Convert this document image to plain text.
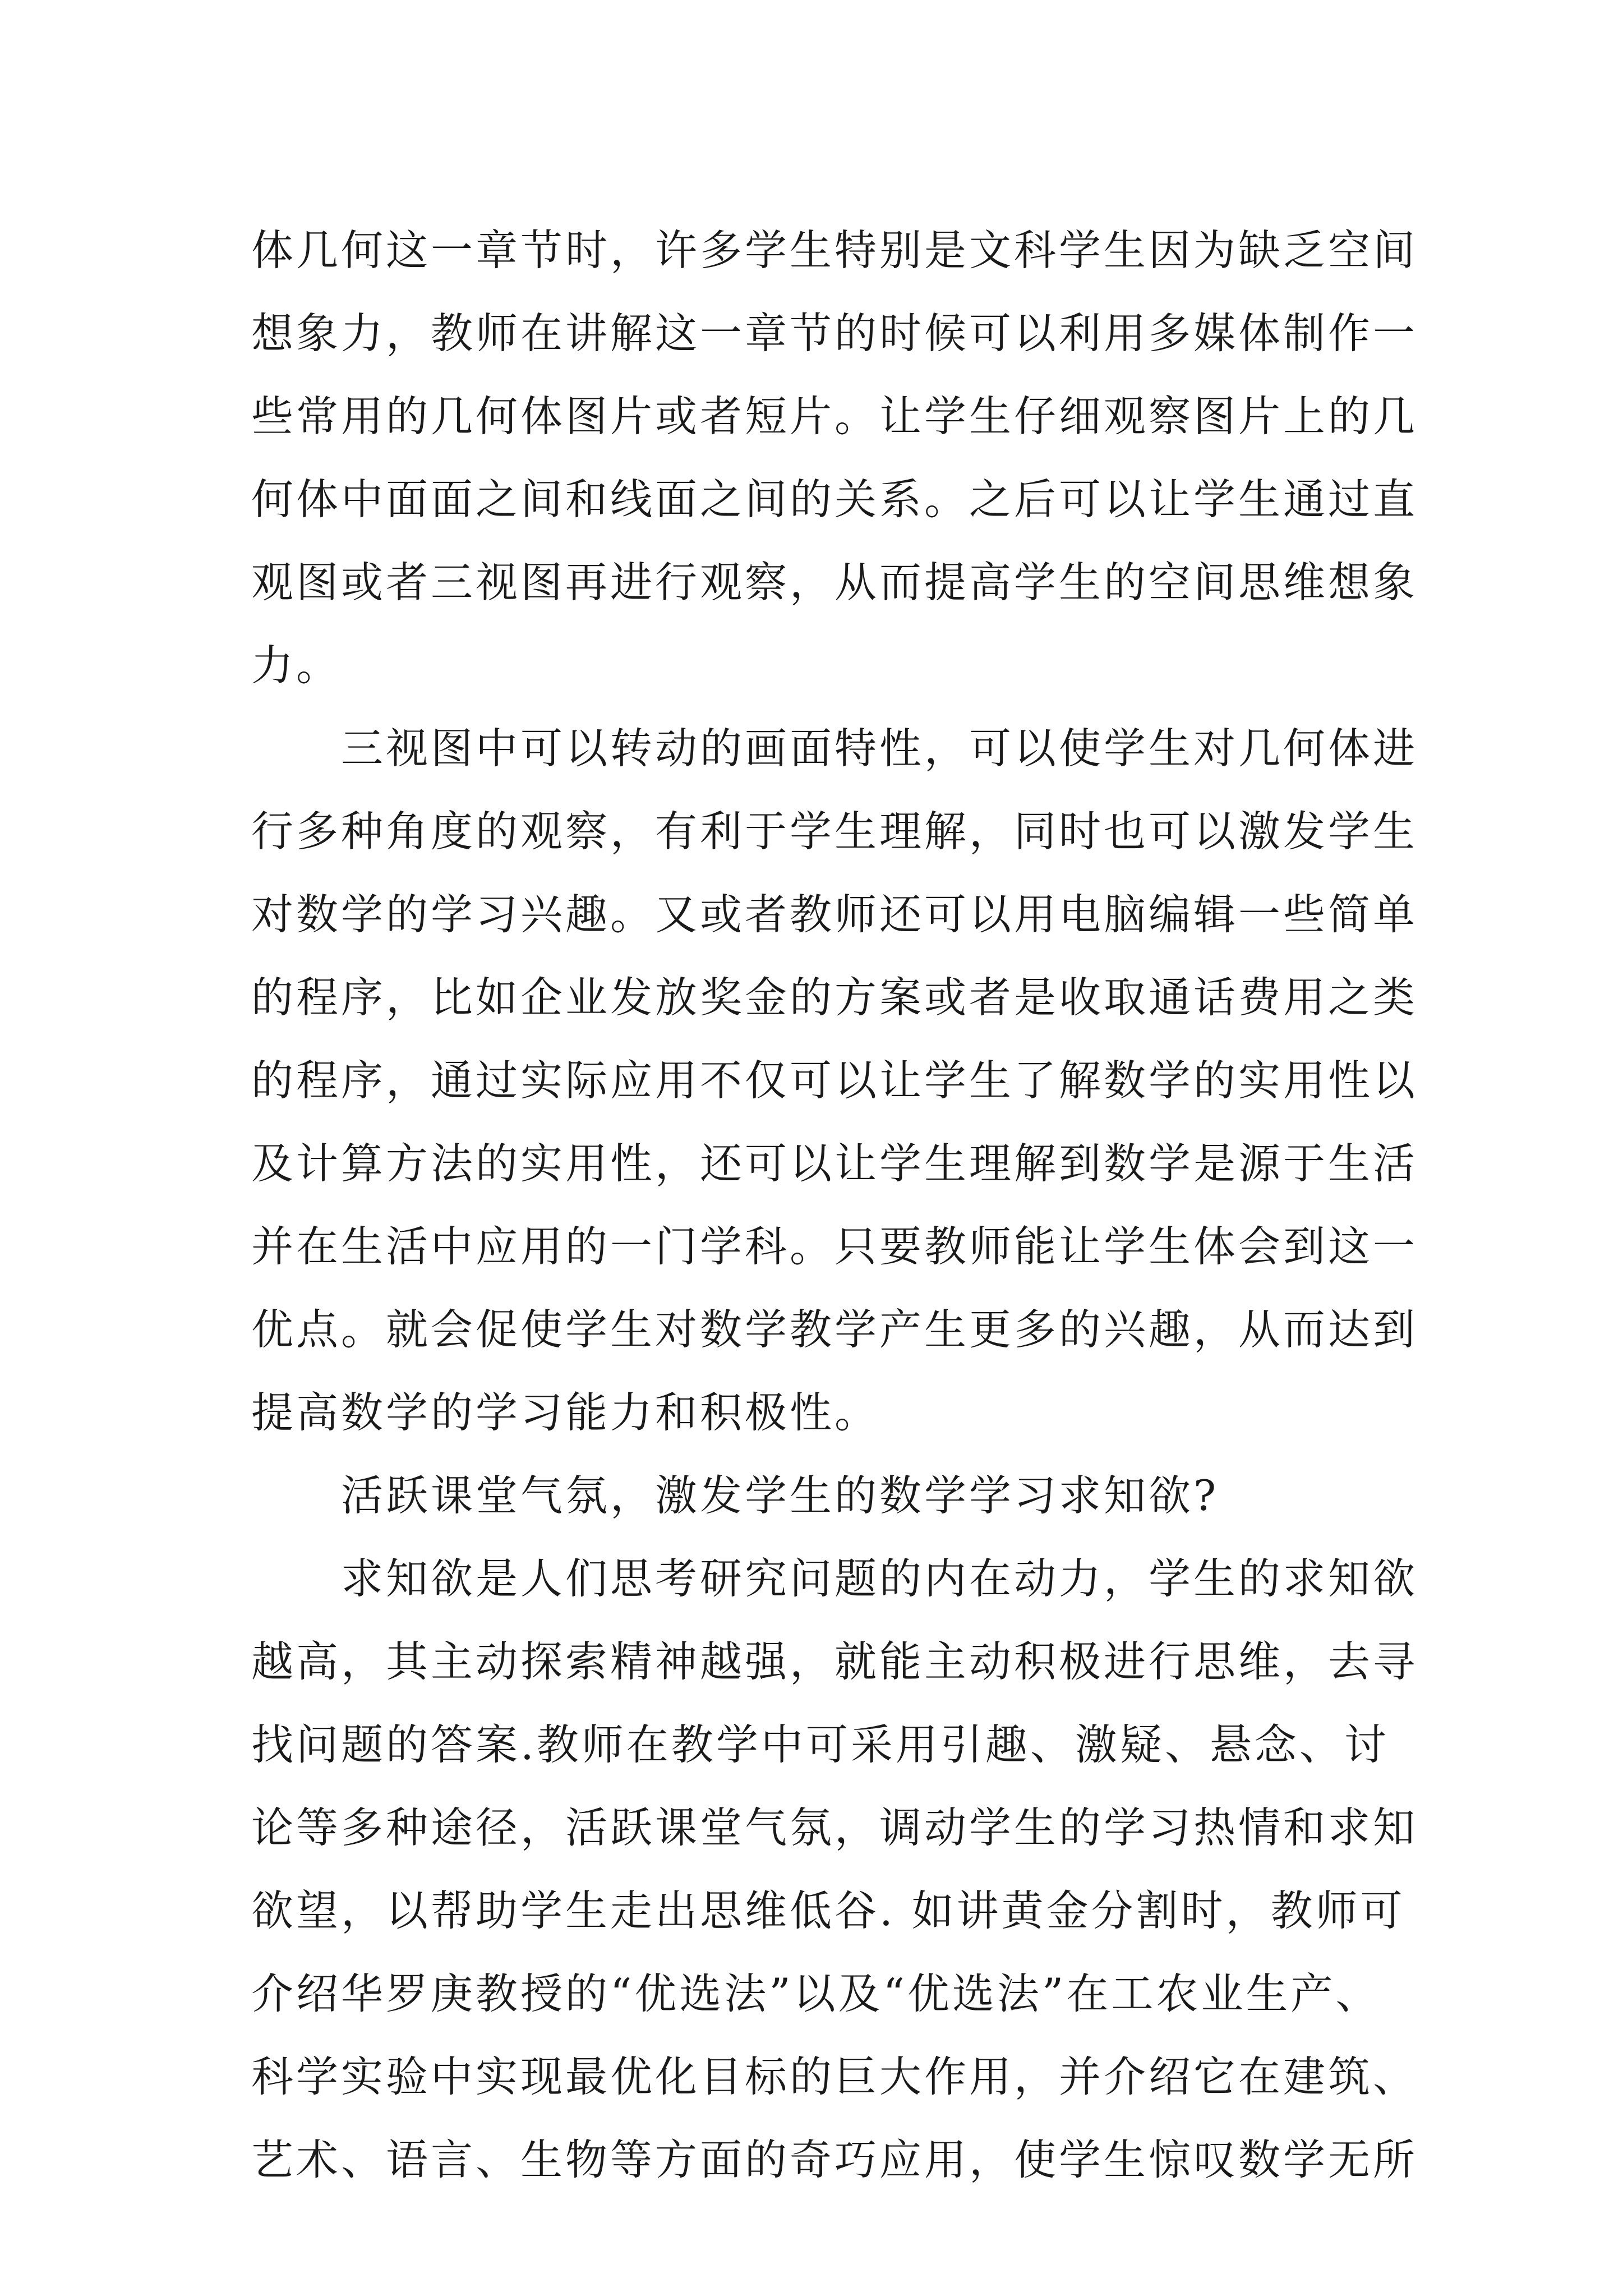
体几何这一章节时，许多学生特别是文科学生因为缺乏空间
想象力，教师在讲解这一章节的时候可以利用多媒体制作一
些常用的几何体图片或者短片。让学生仔细观察图片上的几
何体中面面之间和线面之间的关系。之后可以让学生通过直
观图或者三视图再进行观察，从而提高学生的空间思维想象
力。
三视图中可以转动的画面特性，可以使学生对几何体进
行多种角度的观察，有利于学生理解，同时也可以激发学生
对数学的学习兴趣。又或者教师还可以用电脑编辑一些简单
的程序，比如企业发放奖金的方案或者是收取通话费用之类
的程序，通过实际应用不仅可以让学生了解数学的实用性以
及计算方法的实用性，还可以让学生理解到数学是源于生活
并在生活中应用的一门学科。只要教师能让学生体会到这一
优点。就会促使学生对数学教学产生更多的兴趣，从而达到
提高数学的学习能力和积极性。
活跃课堂气氛，激发学生的数学学习求知欲?
求知欲是人们思考研究问题的内在动力，学生的求知欲
越高，其主动探索精神越强，就能主动积极进行思维，去寻
找问题的答案.教师在教学中可采用引趣、激疑、悬念、讨
论等多种途径，活跃课堂气氛，调动学生的学习热情和求知
欲望，以帮助学生走出思维低谷. 如讲黄金分割时，教师可
介绍华罗庚教授的“优选法”以及“优选法”在工农业生产、
科学实验中实现最优化目标的巨大作用，并介绍它在建筑、
艺术、语言、生物等方面的奇巧应用，使学生惊叹数学无所
